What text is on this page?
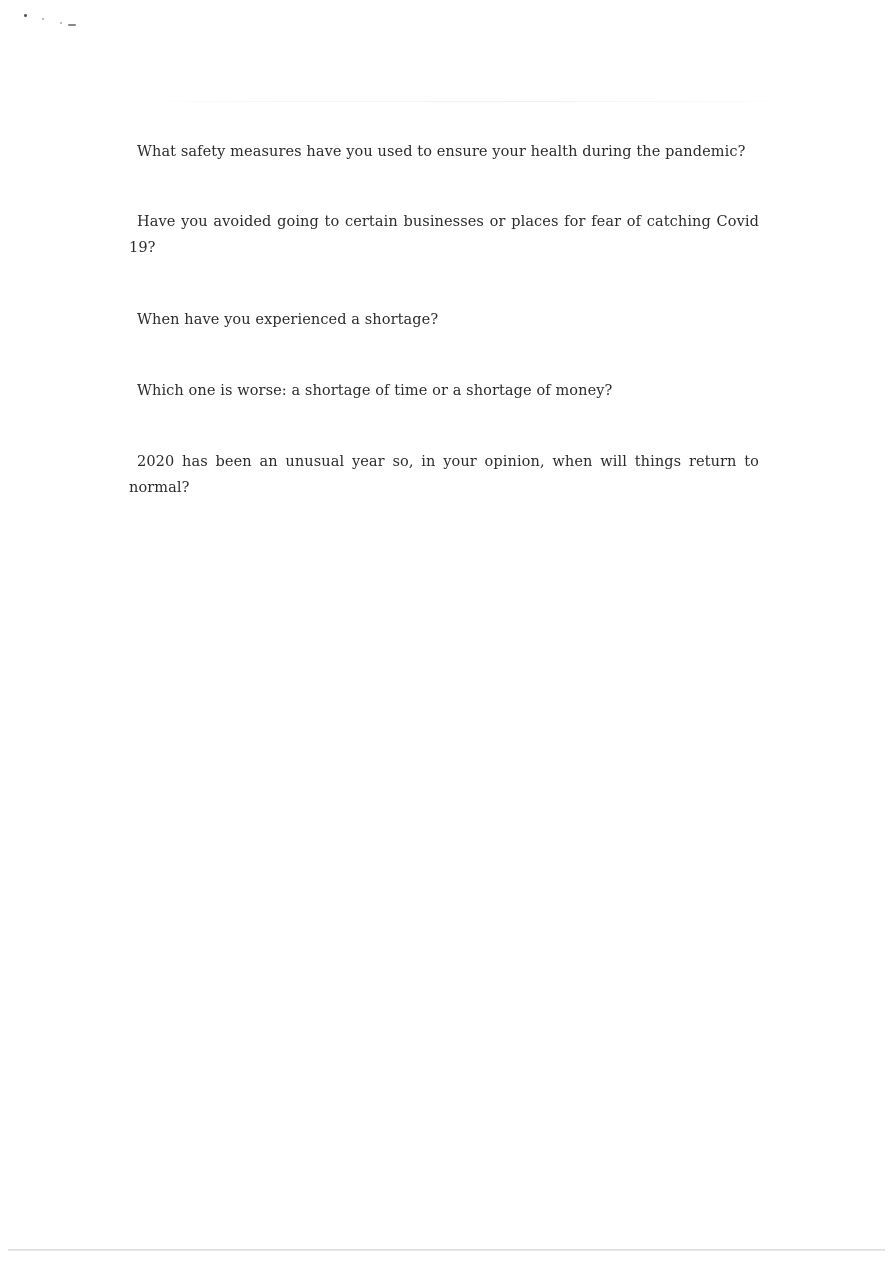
What safety measures have you used to ensure your health during the pandemic?
Have you avoided going to certain businesses or places for fear of catching Covid
19?
When have you experienced a shortage?
Which one is worse: a shortage of time or a shortage of money?
2020 has been an unusual year so, in your opinion, when will things return to
normal?
